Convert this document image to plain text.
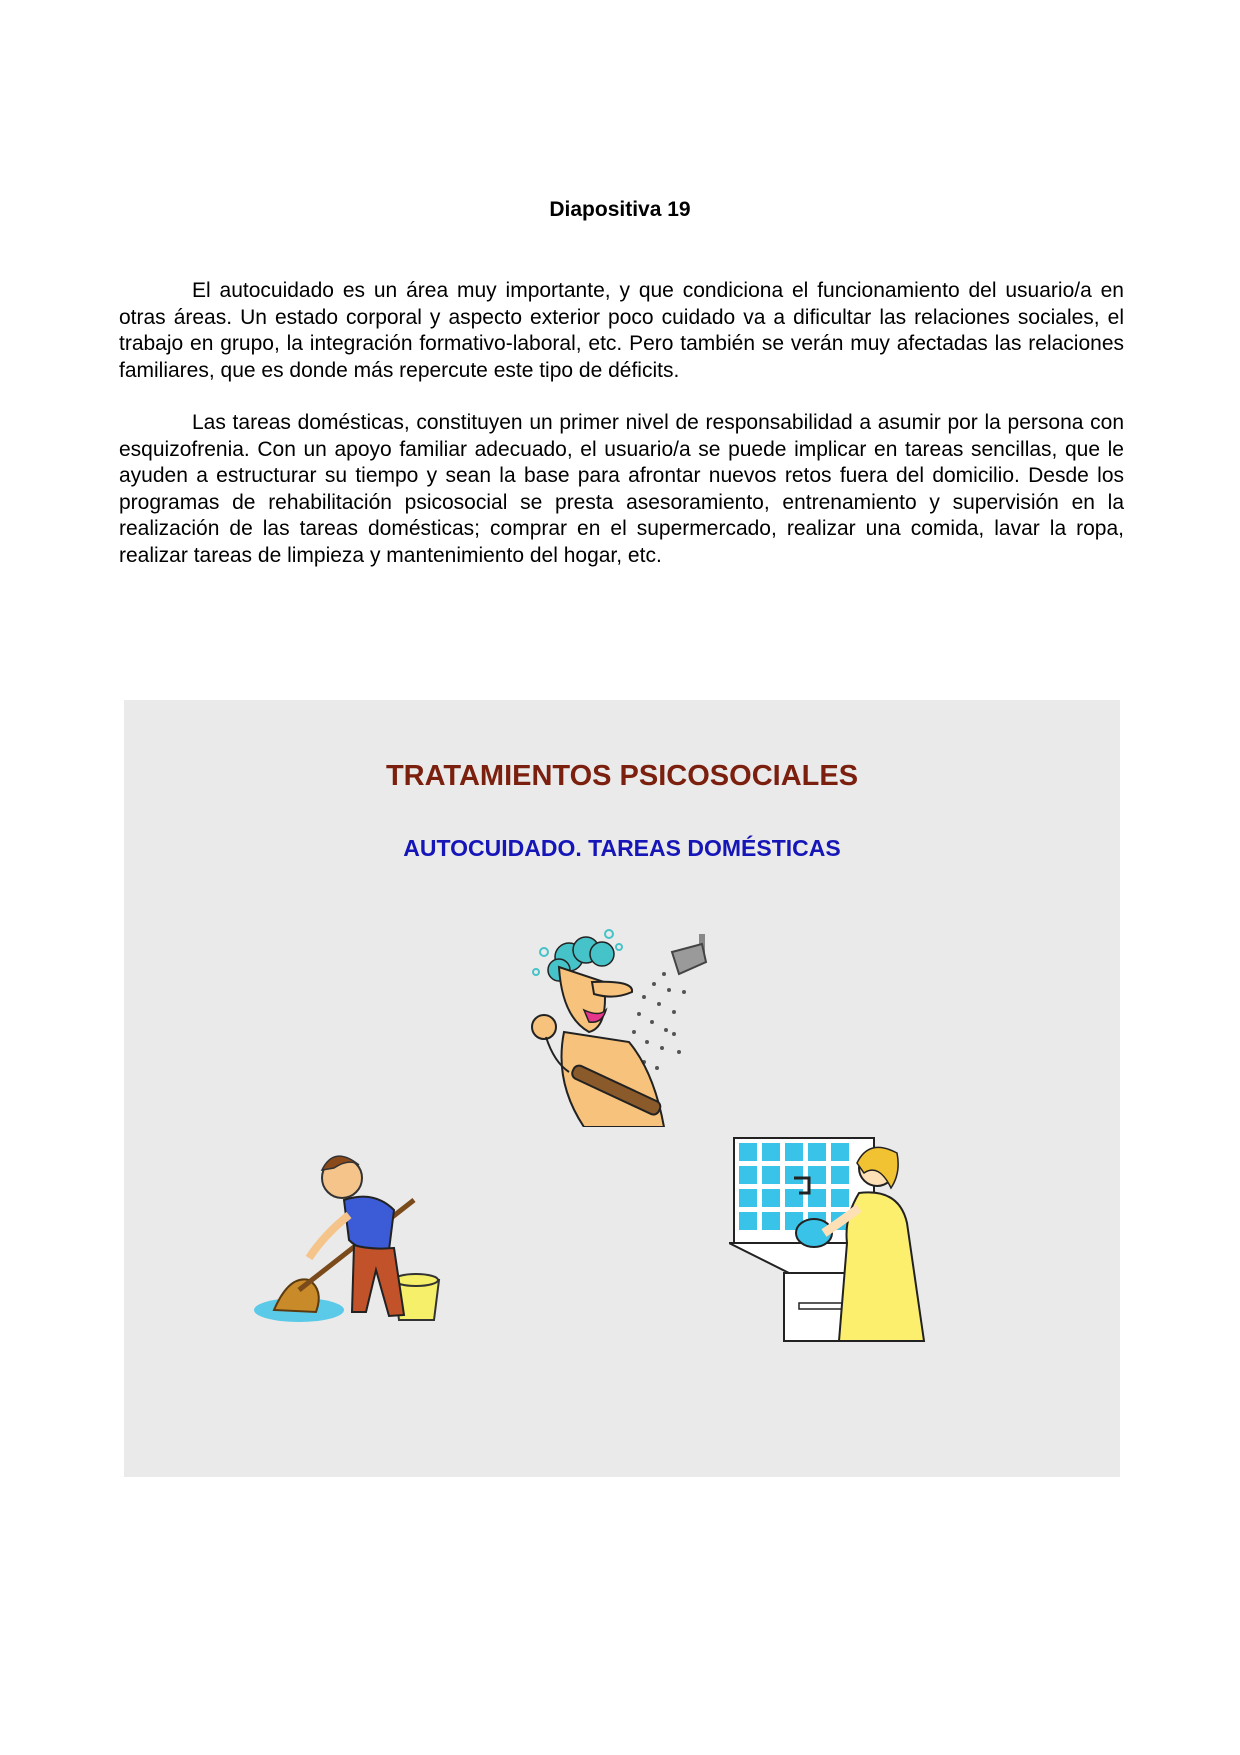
Diapositiva 19

El autocuidado es un área muy importante, y que condiciona el funcionamiento del usuario/a en otras áreas. Un estado corporal y aspecto exterior poco cuidado va a dificultar las relaciones sociales, el trabajo en grupo, la integración formativo-laboral, etc. Pero también se verán muy afectadas las relaciones familiares, que es donde más repercute este tipo de déficits.

Las tareas domésticas, constituyen un primer nivel de responsabilidad a asumir por la persona con esquizofrenia. Con un apoyo familiar adecuado, el usuario/a se puede implicar en tareas sencillas, que le ayuden a estructurar su tiempo y sean la base para afrontar nuevos retos fuera del domicilio. Desde los programas de rehabilitación psicosocial se presta asesoramiento, entrenamiento y supervisión en la realización de las tareas domésticas; comprar en el supermercado, realizar una comida, lavar la ropa, realizar tareas de limpieza y mantenimiento del hogar, etc.

TRATAMIENTOS PSICOSOCIALES
AUTOCUIDADO. TAREAS DOMÉSTICAS
